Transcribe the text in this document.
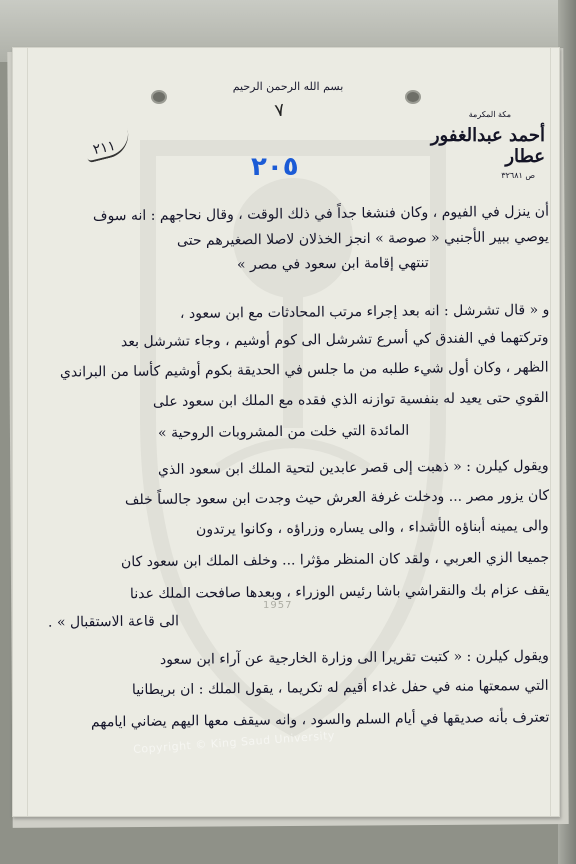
بسم الله الرحمن الرحيم
٧	مكة المكرمة
أحمد عبدالغفور عطار
ص ٣٢٦٨١
٢١١
٢٠٥
أن ينزل في الفيوم ، وكان فنشغا جداً في ذلك الوقت ، وقال نحاجهم : انه سوف
يوصي ببير الأجنبي « صوصة » انجز الخذلان لاصلا الصغيرهم حتى
تنتهي إقامة ابن سعود في مصر »
و « قال تشرشل : انه بعد إجراء مرتب المحادثات مع ابن سعود ،
وتركتهما في الفندق كي أسرع تشرشل الى كوم أوشيم ، وجاء تشرشل بعد
الظهر ، وكان أول شيء طلبه من ما جلس في الحديقة بكوم أوشيم كأسا من البراندي
القوي حتى يعيد له بنفسية توازنه الذي فقده مع الملك ابن سعود على
المائدة التي خلت من المشروبات الروحية »
ويقول كيلرن : « ذهبت إلى قصر عابدين لتحية الملك ابن سعود الذي
كان يزور مصر ... ودخلت غرفة العرش حيث وجدت ابن سعود جالساً خلف
والى يمينه أبناؤه الأشداء ، والى يساره وزراؤه ، وكانوا يرتدون
جميعا الزي العربي ، ولقد كان المنظر مؤثرا ... وخلف الملك ابن سعود كان
يقف عزام بك والنقراشي باشا رئيس الوزراء ، وبعدها صافحت الملك عدنا
الى قاعة الاستقبال » .
ويقول كيلرن : « كتبت تقريرا الى وزارة الخارجية عن آراء ابن سعود
التي سمعتها منه في حفل غداء أقيم له تكريما ، يقول الملك : ان بريطانيا
تعترف بأنه صديقها في أيام السلم والسود ، وانه سيقف معها اليهم يضاني ايامهم
Copyright © King Saud University
1957
